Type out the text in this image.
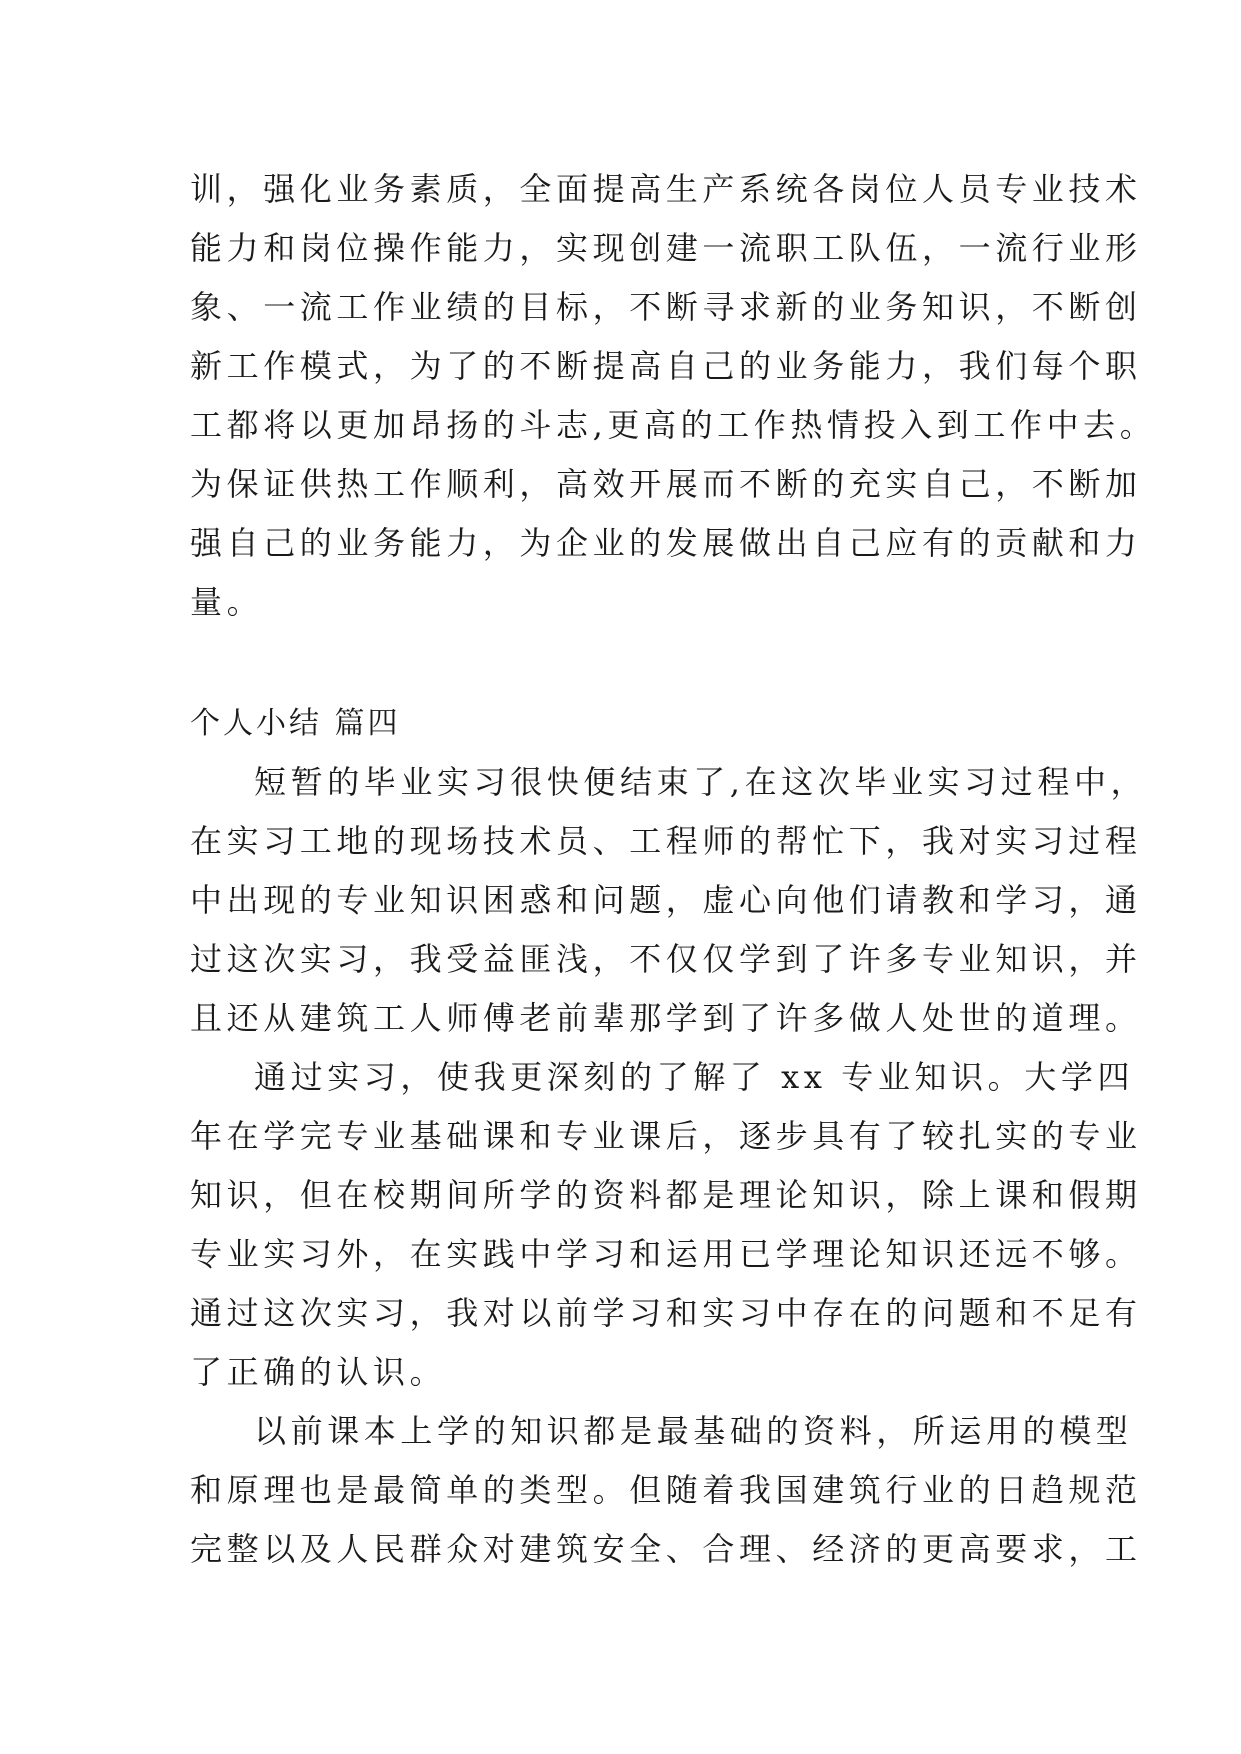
训，强化业务素质，全面提高生产系统各岗位人员专业技术
能力和岗位操作能力，实现创建一流职工队伍，一流行业形
象、一流工作业绩的目标，不断寻求新的业务知识，不断创
新工作模式，为了的不断提高自己的业务能力，我们每个职
工都将以更加昂扬的斗志,更高的工作热情投入到工作中去。
为保证供热工作顺利，高效开展而不断的充实自己，不断加
强自己的业务能力，为企业的发展做出自己应有的贡献和力
量。
个人小结 篇四
短暂的毕业实习很快便结束了,在这次毕业实习过程中，
在实习工地的现场技术员、工程师的帮忙下，我对实习过程
中出现的专业知识困惑和问题，虚心向他们请教和学习，通
过这次实习，我受益匪浅，不仅仅学到了许多专业知识，并
且还从建筑工人师傅老前辈那学到了许多做人处世的道理。
通过实习，使我更深刻的了解了 xx 专业知识。大学四
年在学完专业基础课和专业课后，逐步具有了较扎实的专业
知识，但在校期间所学的资料都是理论知识，除上课和假期
专业实习外，在实践中学习和运用已学理论知识还远不够。
通过这次实习，我对以前学习和实习中存在的问题和不足有
了正确的认识。
以前课本上学的知识都是最基础的资料，所运用的模型
和原理也是最简单的类型。但随着我国建筑行业的日趋规范
完整以及人民群众对建筑安全、合理、经济的更高要求，工
